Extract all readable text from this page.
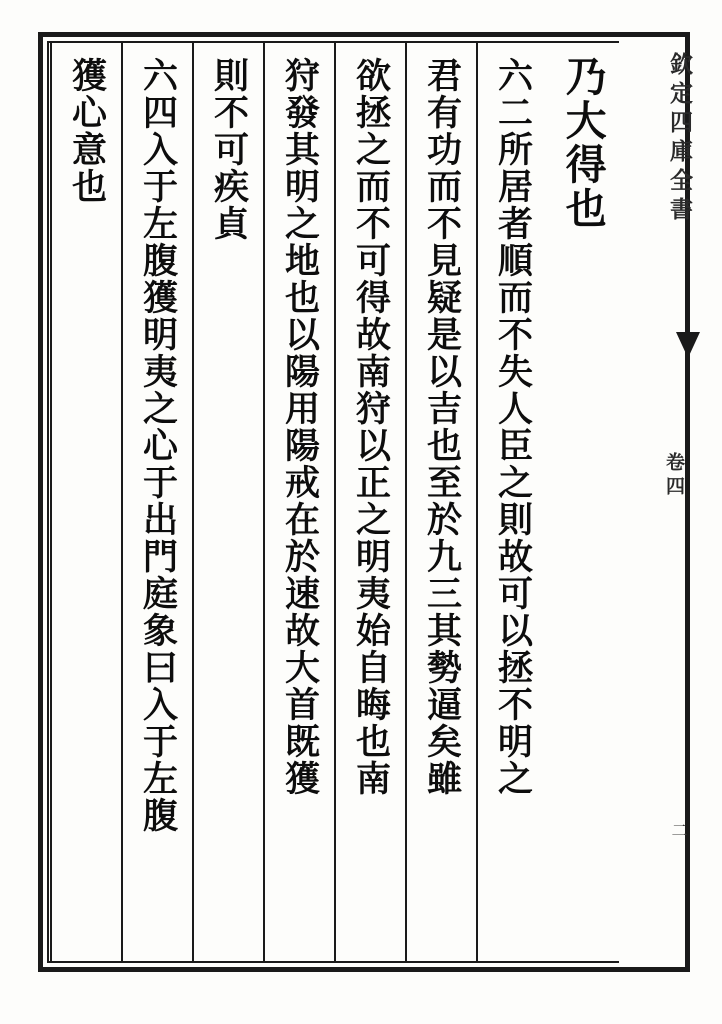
乃大得也
六二所居者順而不失人臣之則故可以拯不明之
君有功而不見疑是以吉也至於九三其勢逼矣雖
欲拯之而不可得故南狩以正之明夷始自晦也南
狩發其明之地也以陽用陽戒在於速故大首既獲
則不可疾貞
六四入于左腹獲明夷之心于出門庭象曰入于左腹
獲心意也	欽定四庫全書
卷四
二
